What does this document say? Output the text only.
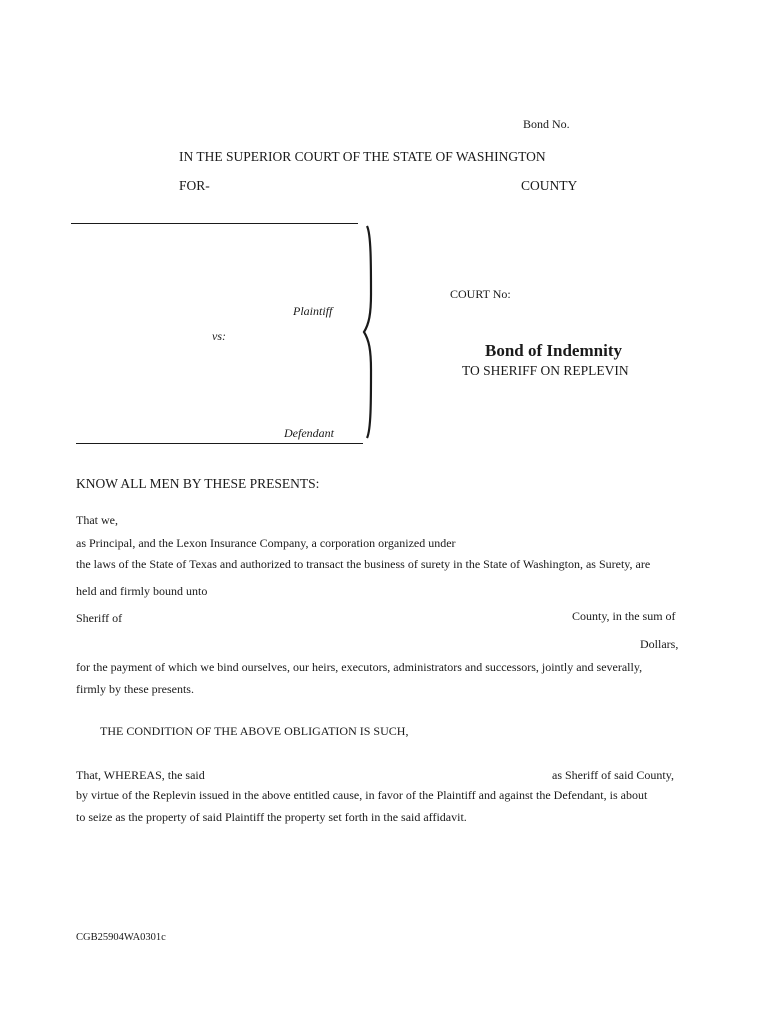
Bond No.
IN THE SUPERIOR COURT OF THE STATE OF WASHINGTON
FOR-	COUNTY
Plaintiff
vs:
Defendant
COURT No:
Bond of Indemnity
TO SHERIFF ON REPLEVIN
KNOW ALL MEN BY THESE PRESENTS:
That we,
as Principal, and the Lexon Insurance Company, a corporation organized under
the laws of the State of Texas and authorized to transact the business of surety in the State of Washington, as Surety, are
held and firmly bound unto
Sheriff of	County, in the sum of
Dollars,
for the payment of which we bind ourselves, our heirs, executors, administrators and successors, jointly and severally,
firmly by these presents.
THE CONDITION OF THE ABOVE OBLIGATION IS SUCH,
That, WHEREAS, the said	as Sheriff of said County,
by virtue of the Replevin issued in the above entitled cause, in favor of the Plaintiff and against the Defendant, is about
to seize as the property of said Plaintiff the property set forth in the said affidavit.
CGB25904WA0301c
